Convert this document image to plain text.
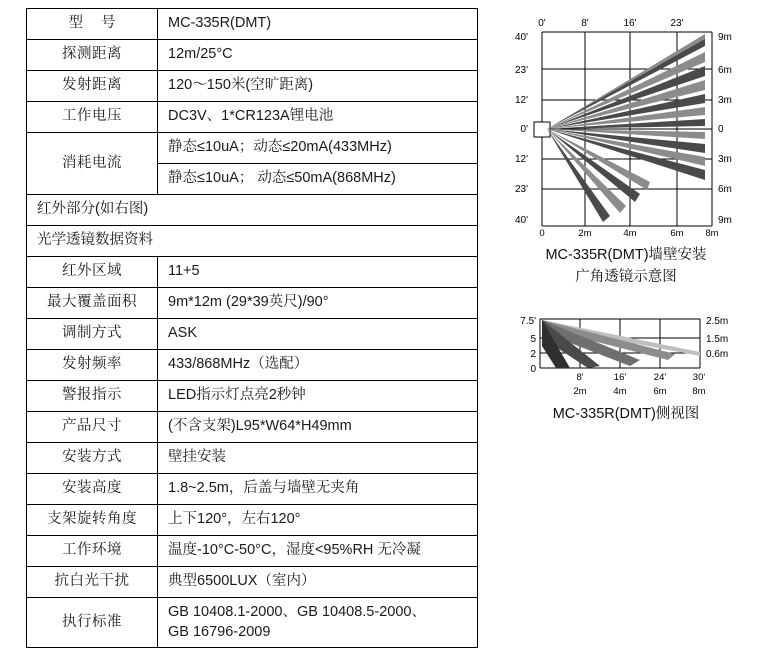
型 号	MC-335R(DMT)
探测距离	12m/25°C
发射距离	120～150米(空旷距离)
工作电压	DC3V、1*CR123A锂电池
消耗电流	静态≤10uA；动态≤20mA(433MHz)
	静态≤10uA； 动态≤50mA(868MHz)
红外部分(如右图)	
光学透镜数据资料	
红外区域	11+5
最大覆盖面积	9m*12m (29*39英尺)/90°
调制方式	ASK
发射频率	433/868MHz（选配）
警报指示	LED指示灯点亮2秒钟
产品尺寸	(不含支架)L95*W64*H49mm
安装方式	壁挂安装
安装高度	1.8~2.5m，后盖与墙壁无夹角
支架旋转角度	上下120°，左右120°
工作环境	温度-10°C-50°C，湿度<95%RH 无冷凝
抗白光干扰	典型6500LUX（室内）
执行标准	GB 10408.1-2000、GB 10408.5-2000、
GB 16796-2009
0'	8'	16'	23'
40'
23'
12'
0'
12'
23'
40'
9m
6m
3m
0
3m
6m
9m
0	2m	4m	6m 8m
MC-335R(DMT)墙壁安装
广角透镜示意图
7.5'
5
2
0
2.5m
1.5m
0.6m
8'	16'	24'	30'
2m	4m	6m	8m
MC-335R(DMT)侧视图
